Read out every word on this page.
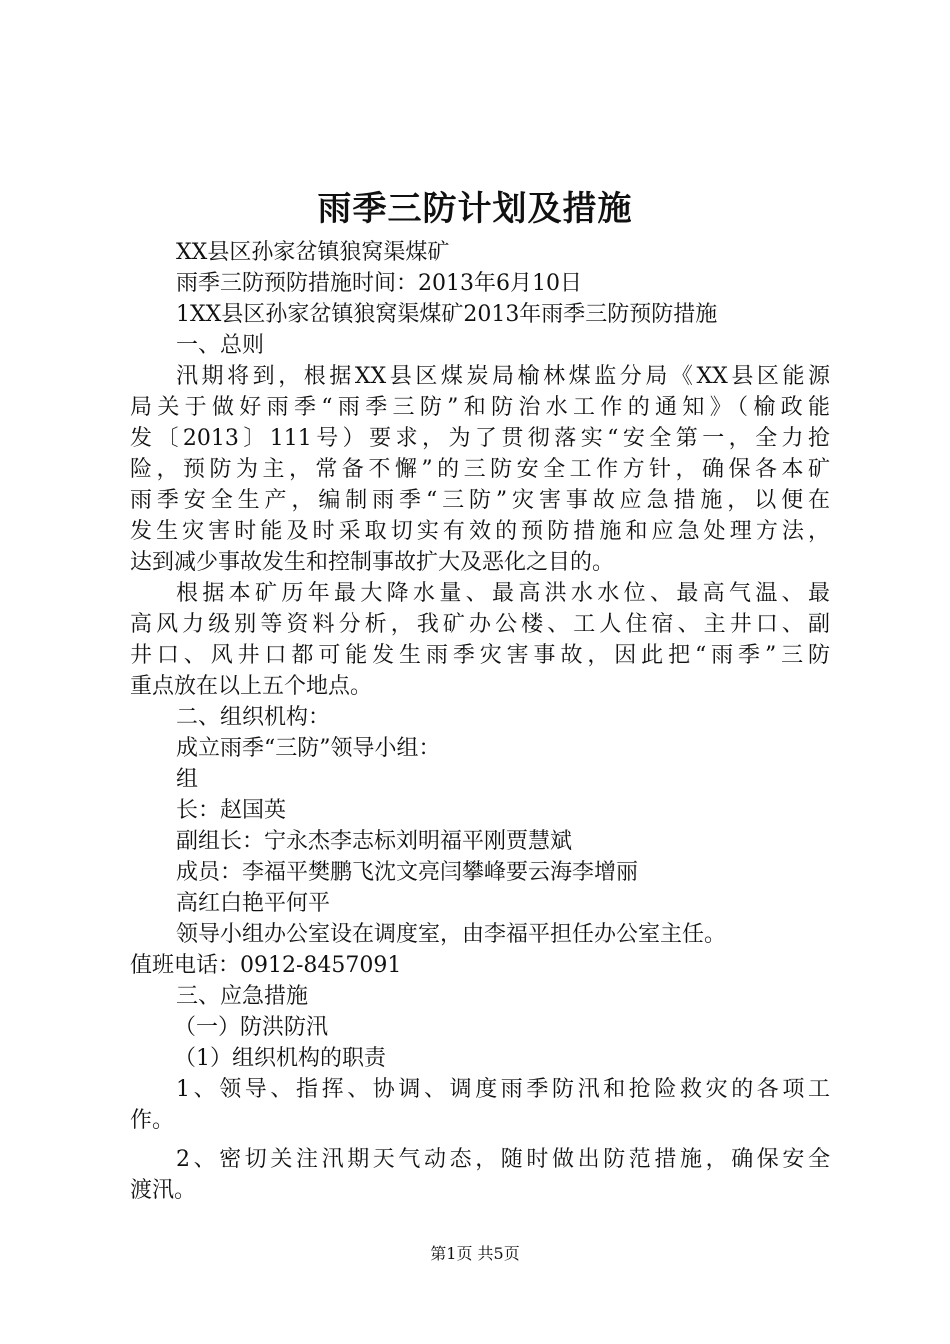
雨季三防计划及措施
XX县区孙家岔镇狼窝渠煤矿
雨季三防预防措施时间：2013年6月10日
1XX县区孙家岔镇狼窝渠煤矿2013年雨季三防预防措施
一、总则
汛期将到，根据XX县区煤炭局榆林煤监分局《XX县区能源
局关于做好雨季“雨季三防”和防治水工作的通知》（榆政能
发〔2013〕111号）要求，为了贯彻落实“安全第一，全力抢
险，预防为主，常备不懈”的三防安全工作方针，确保各本矿
雨季安全生产，编制雨季“三防”灾害事故应急措施，以便在
发生灾害时能及时采取切实有效的预防措施和应急处理方法，
达到减少事故发生和控制事故扩大及恶化之目的。
根据本矿历年最大降水量、最高洪水水位、最高气温、最
高风力级别等资料分析，我矿办公楼、工人住宿、主井口、副
井口、风井口都可能发生雨季灾害事故，因此把“雨季”三防
重点放在以上五个地点。
二、组织机构：
成立雨季“三防”领导小组：
组
长：赵国英
副组长：宁永杰李志标刘明福平刚贾慧斌
成员：李福平樊鹏飞沈文亮闫攀峰要云海李增丽
高红白艳平何平
领导小组办公室设在调度室，由李福平担任办公室主任。
值班电话：0912-8457091
三、应急措施
（一）防洪防汛
（1）组织机构的职责
1、领导、指挥、协调、调度雨季防汛和抢险救灾的各项工
作。
2、密切关注汛期天气动态，随时做出防范措施，确保安全
渡汛。
第1页 共5页
